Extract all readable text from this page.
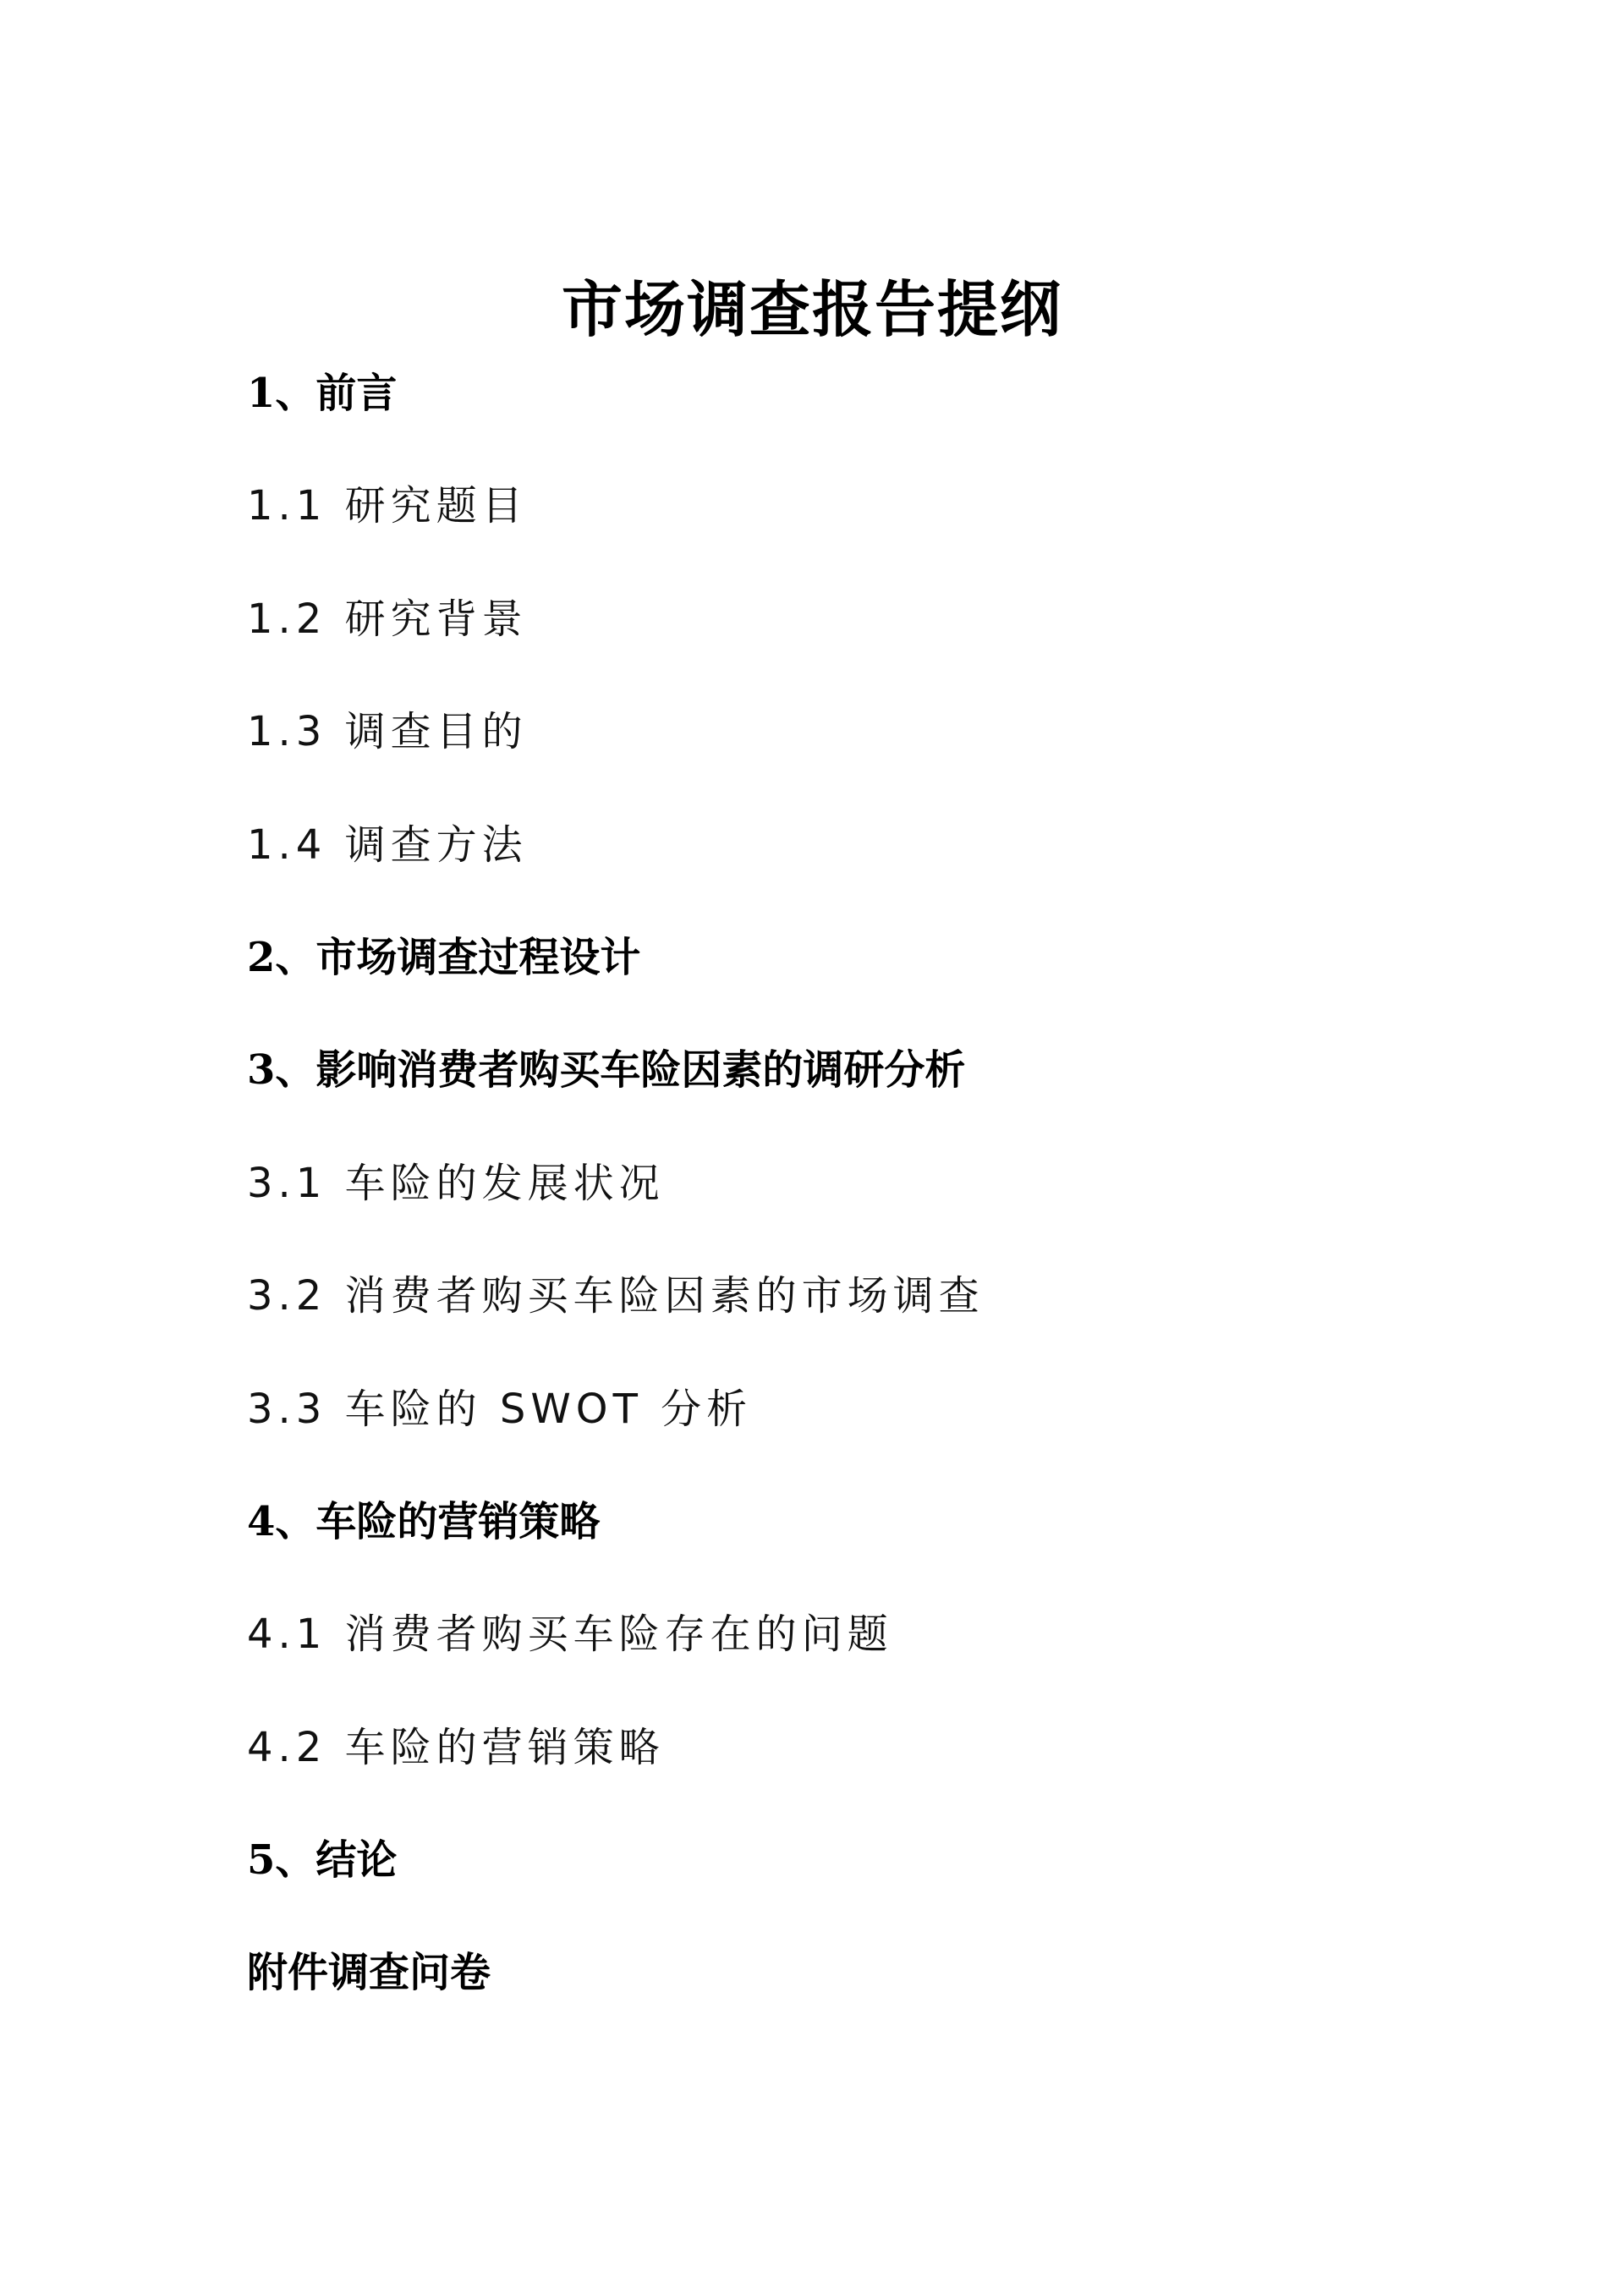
市场调查报告提纲
1、前言
1.1 研究题目
1.2 研究背景
1.3 调查目的
1.4 调查方法
2、市场调查过程设计
3、影响消费者购买车险因素的调研分析
3.1 车险的发展状况
3.2 消费者购买车险因素的市场调查
3.3 车险的 SWOT 分析
4、车险的营销策略
4.1 消费者购买车险存在的问题
4.2 车险的营销策略
5、结论
附件调查问卷
